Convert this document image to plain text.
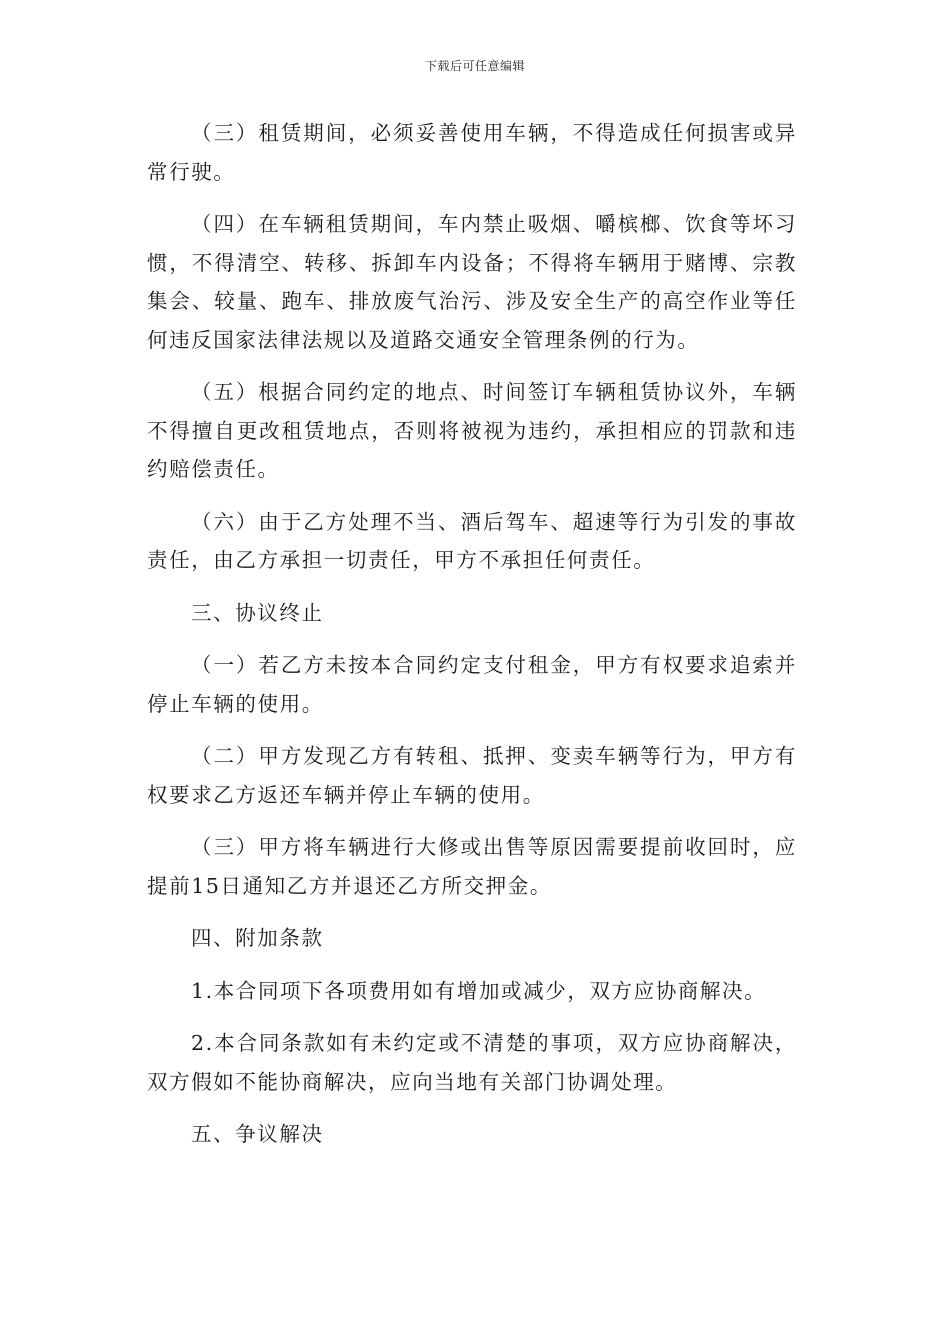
下载后可任意编辑

（三）租赁期间，必须妥善使用车辆，不得造成任何损害或异常行驶。

（四）在车辆租赁期间，车内禁止吸烟、嚼槟榔、饮食等坏习惯，不得清空、转移、拆卸车内设备；不得将车辆用于赌博、宗教集会、较量、跑车、排放废气治污、涉及安全生产的高空作业等任何违反国家法律法规以及道路交通安全管理条例的行为。

（五）根据合同约定的地点、时间签订车辆租赁协议外，车辆不得擅自更改租赁地点，否则将被视为违约，承担相应的罚款和违约赔偿责任。

（六）由于乙方处理不当、酒后驾车、超速等行为引发的事故责任，由乙方承担一切责任，甲方不承担任何责任。

三、协议终止

（一）若乙方未按本合同约定支付租金，甲方有权要求追索并停止车辆的使用。

（二）甲方发现乙方有转租、抵押、变卖车辆等行为，甲方有权要求乙方返还车辆并停止车辆的使用。

（三）甲方将车辆进行大修或出售等原因需要提前收回时，应提前15日通知乙方并退还乙方所交押金。

四、附加条款

1.本合同项下各项费用如有增加或减少，双方应协商解决。

2.本合同条款如有未约定或不清楚的事项，双方应协商解决，双方假如不能协商解决，应向当地有关部门协调处理。

五、争议解决
